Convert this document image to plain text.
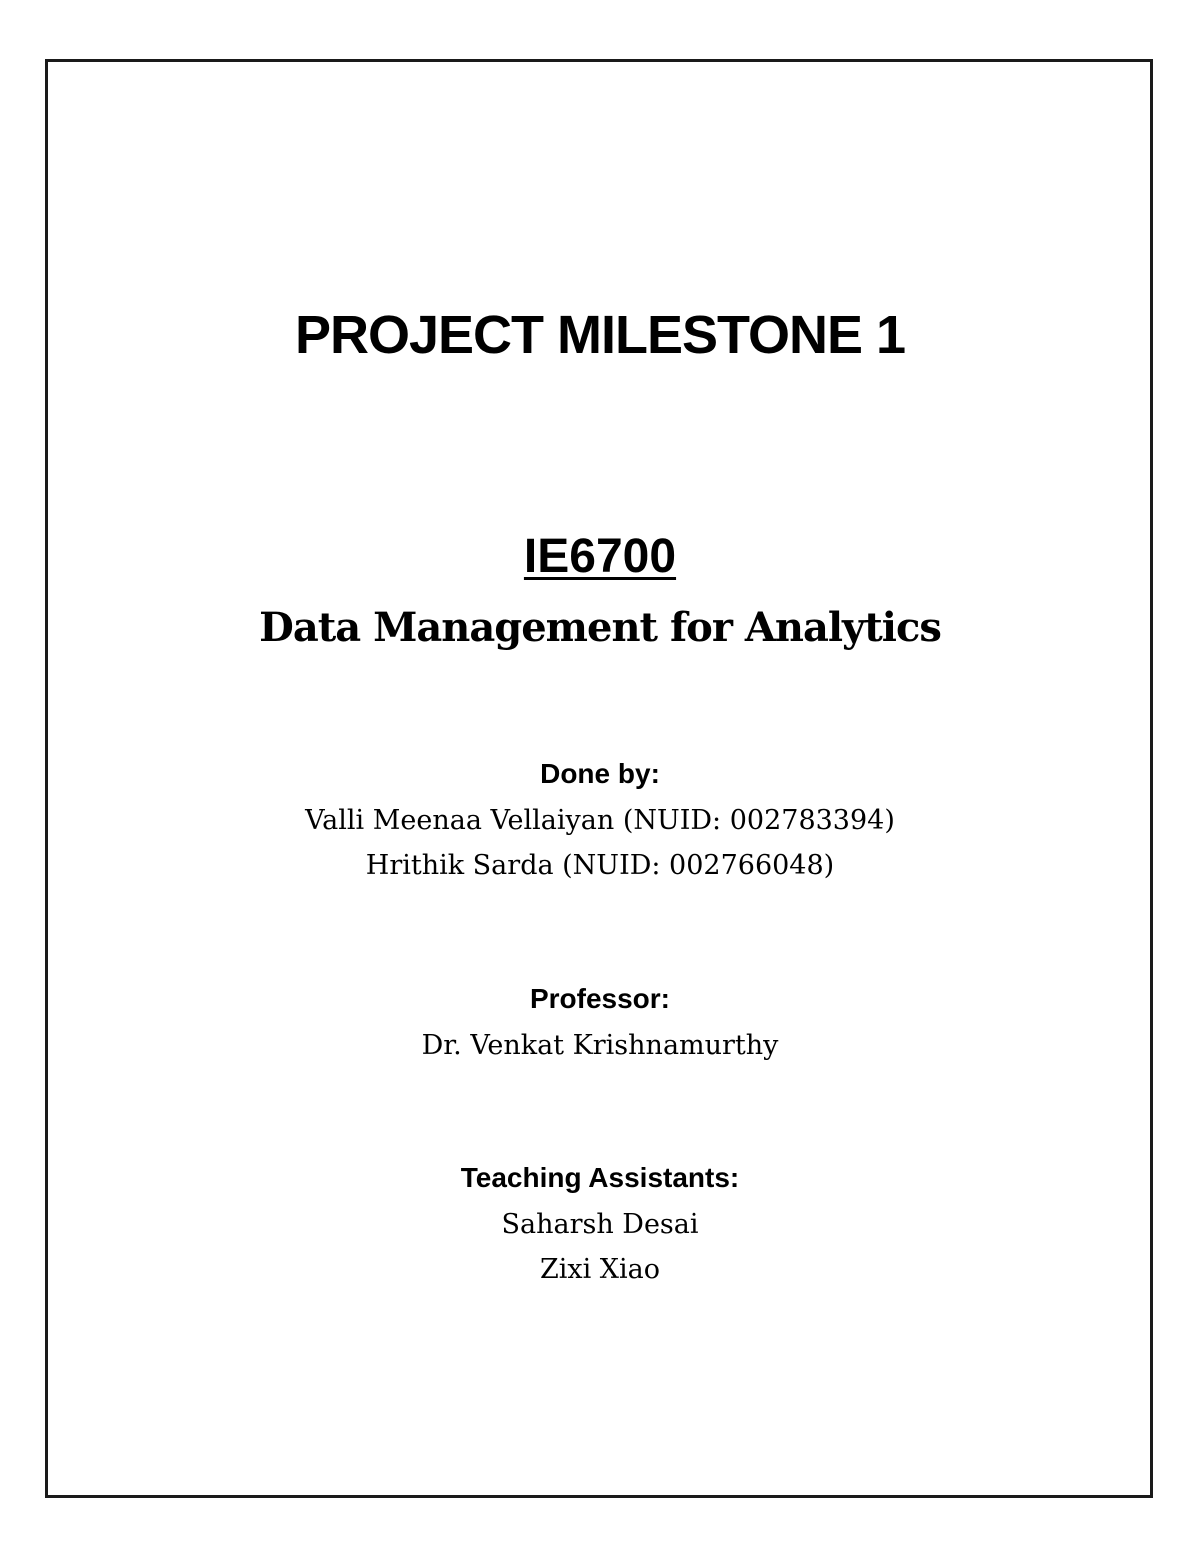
PROJECT MILESTONE 1
IE6700
Data Management for Analytics
Done by:
Valli Meenaa Vellaiyan (NUID: 002783394)
Hrithik Sarda (NUID: 002766048)
Professor:
Dr. Venkat Krishnamurthy
Teaching Assistants:
Saharsh Desai
Zixi Xiao
